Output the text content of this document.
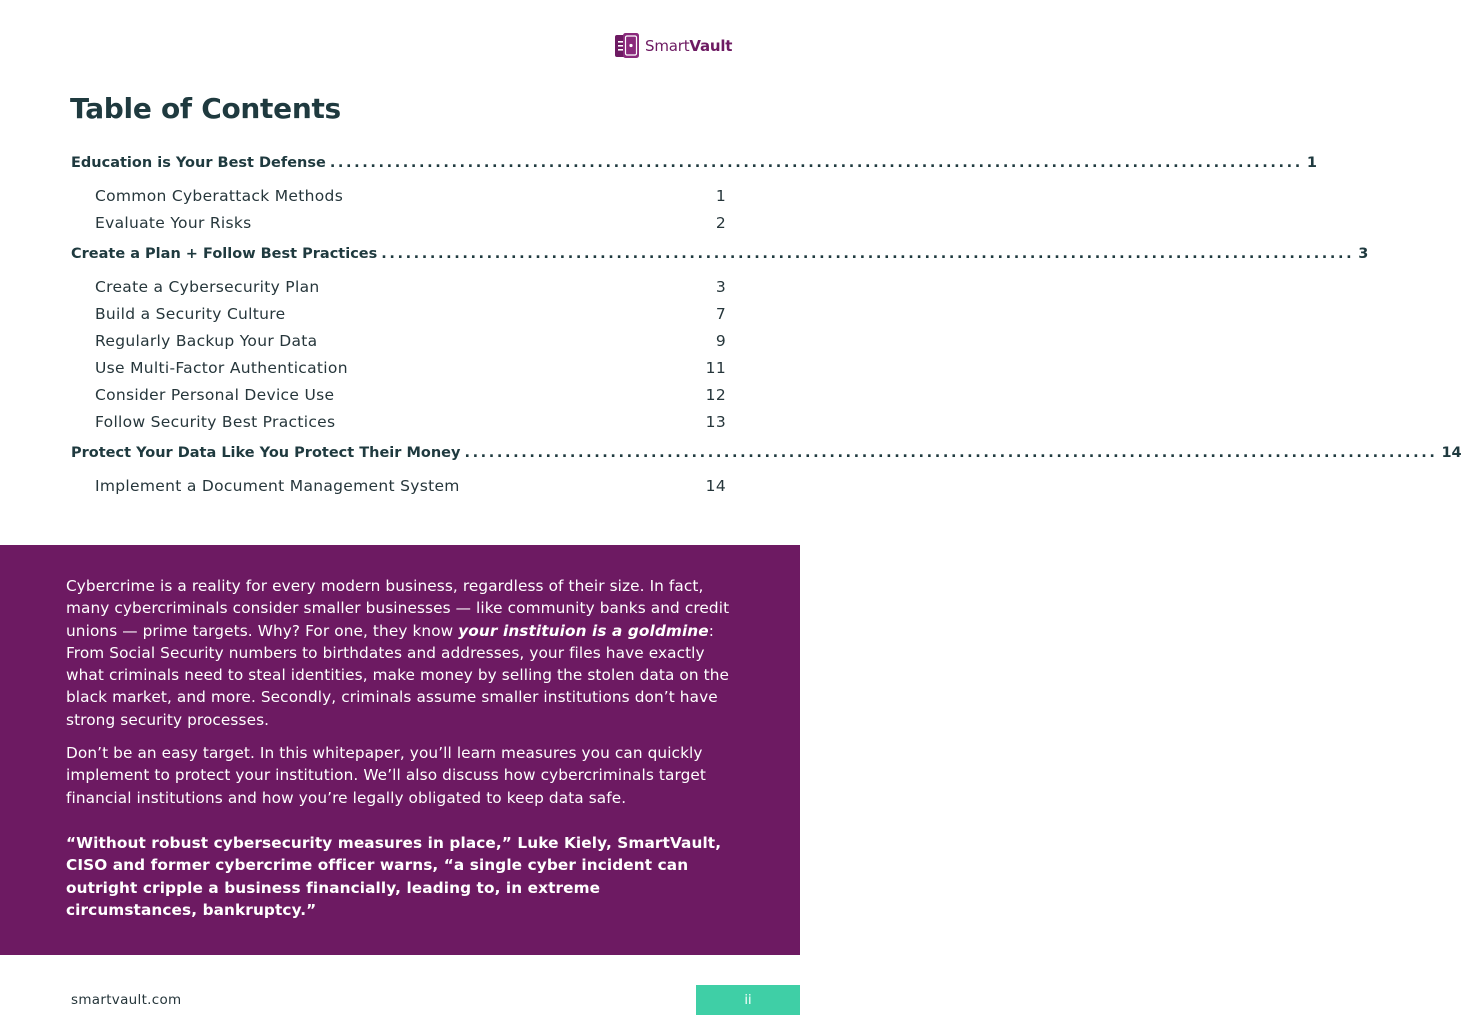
SmartVault
Table of Contents
Education is Your Best Defense ........................................................................................................................ 1
Common Cyberattack Methods	1
Evaluate Your Risks	2
Create a Plan + Follow Best Practices ........................................................................................................................ 3
Create a Cybersecurity Plan	3
Build a Security Culture	7
Regularly Backup Your Data	9
Use Multi-Factor Authentication	11
Consider Personal Device Use	12
Follow Security Best Practices	13
Protect Your Data Like You Protect Their Money ........................................................................................................................ 14
Implement a Document Management System	14

Cybercrime is a reality for every modern business, regardless of their size. In fact, many cybercriminals consider smaller businesses — like community banks and credit unions — prime targets. Why? For one, they know your instituion is a goldmine: From Social Security numbers to birthdates and addresses, your files have exactly what criminals need to steal identities, make money by selling the stolen data on the black market, and more. Secondly, criminals assume smaller institutions don’t have strong security processes.

Don’t be an easy target. In this whitepaper, you’ll learn measures you can quickly implement to protect your institution. We’ll also discuss how cybercriminals target financial institutions and how you’re legally obligated to keep data safe.

“Without robust cybersecurity measures in place,” Luke Kiely, SmartVault, CISO and former cybercrime officer warns, “a single cyber incident can outright cripple a business financially, leading to, in extreme circumstances, bankruptcy.”

smartvault.com	ii
